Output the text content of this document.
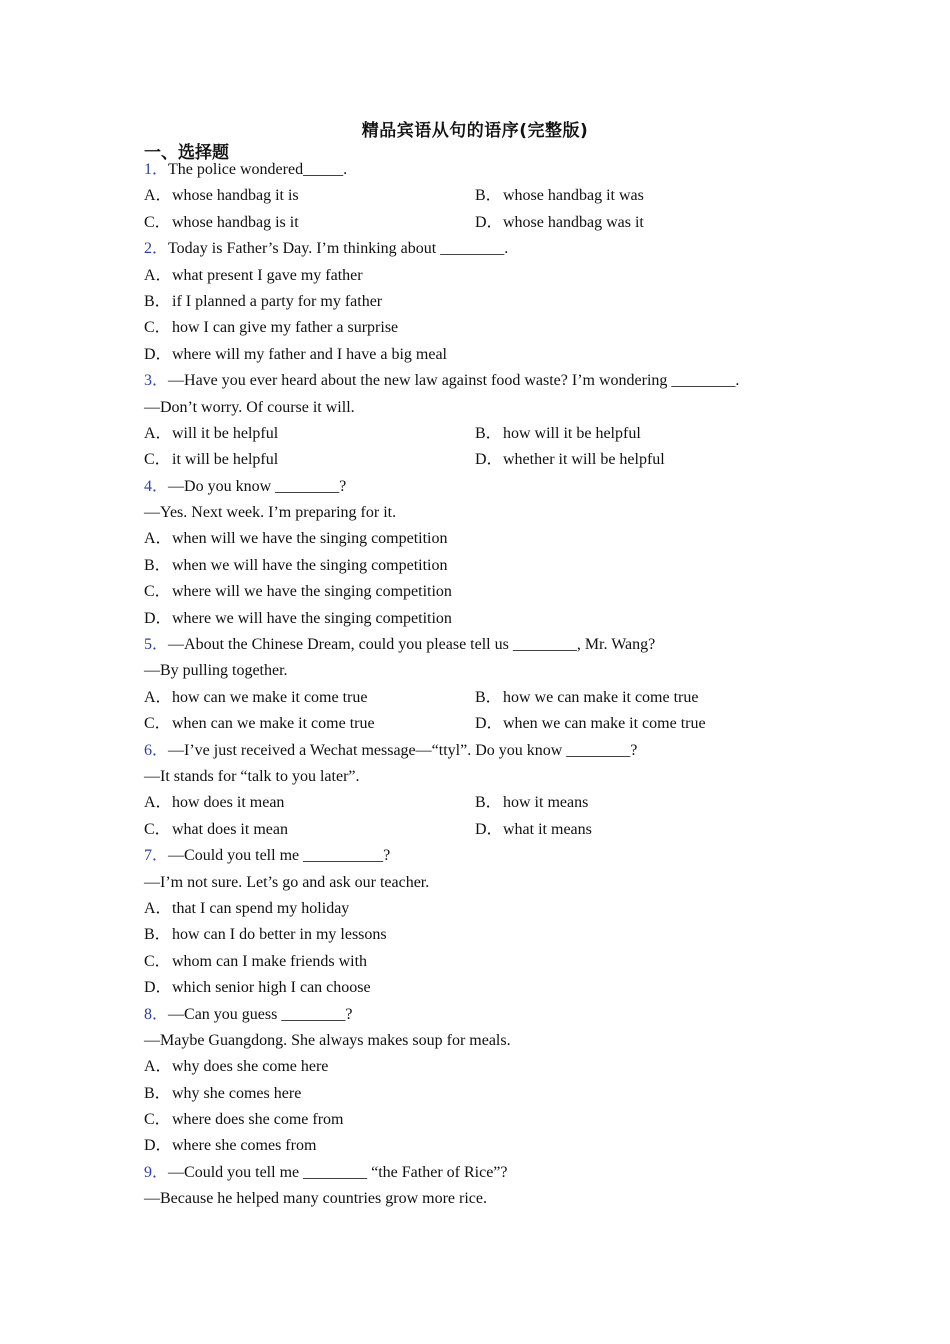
精品宾语从句的语序(完整版)
一、选择题
1．The police wondered_____.
A．whose handbag it is	B．whose handbag it was
C．whose handbag is it	D．whose handbag was it
2．Today is Father’s Day. I’m thinking about ________.
A．what present I gave my father
B．if I planned a party for my father
C．how I can give my father a surprise
D．where will my father and I have a big meal
3．—Have you ever heard about the new law against food waste? I’m wondering ________.
—Don’t worry. Of course it will.
A．will it be helpful	B．how will it be helpful
C．it will be helpful	D．whether it will be helpful
4．—Do you know ________?
—Yes. Next week. I’m preparing for it.
A．when will we have the singing competition
B．when we will have the singing competition
C．where will we have the singing competition
D．where we will have the singing competition
5．—About the Chinese Dream, could you please tell us ________, Mr. Wang?
—By pulling together.
A．how can we make it come true	B．how we can make it come true
C．when can we make it come true	D．when we can make it come true
6．—I’ve just received a Wechat message—“ttyl”. Do you know ________?
—It stands for “talk to you later”.
A．how does it mean	B．how it means
C．what does it mean	D．what it means
7．—Could you tell me __________?
—I’m not sure. Let’s go and ask our teacher.
A．that I can spend my holiday
B．how can I do better in my lessons
C．whom can I make friends with
D．which senior high I can choose
8．—Can you guess ________?
—Maybe Guangdong. She always makes soup for meals.
A．why does she come here
B．why she comes here
C．where does she come from
D．where she comes from
9．—Could you tell me ________ “the Father of Rice”?
—Because he helped many countries grow more rice.
